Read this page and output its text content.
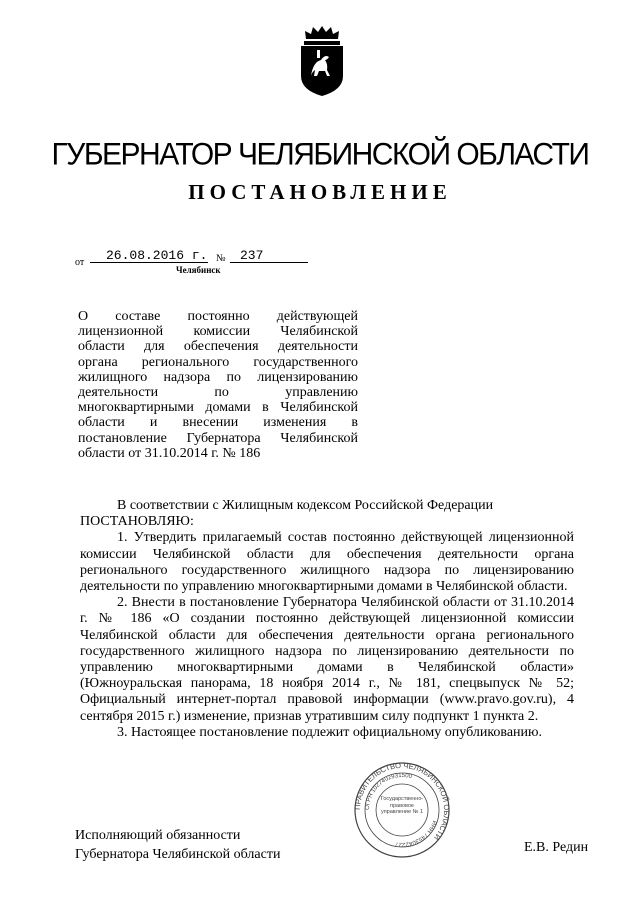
ГУБЕРНАТОР ЧЕЛЯБИНСКОЙ ОБЛАСТИ
ПОСТАНОВЛЕНИЕ
от 26.08.2016 г. № 237
Челябинск
О составе постоянно действующей
лицензионной комиссии Челябинской
области для обеспечения деятельности
органа регионального государственного
жилищного надзора по лицензированию
деятельности по управлению
многоквартирными домами в Челябинской
области и внесении изменения в
постановление Губернатора Челябинской
области от 31.10.2014 г. № 186

В соответствии с Жилищным кодексом Российской Федерации

ПОСТАНОВЛЯЮ:

1. Утвердить прилагаемый состав постоянно действующей лицензионной комиссии Челябинской области для обеспечения деятельности органа регионального государственного жилищного надзора по лицензированию деятельности по управлению многоквартирными домами в Челябинской области.

2. Внести в постановление Губернатора Челябинской области от 31.10.2014 г. № 186 «О создании постоянно действующей лицензионной комиссии Челябинской области для обеспечения деятельности органа регионального государственного жилищного надзора по лицензированию деятельности по управлению многоквартирными домами в Челябинской области» (Южноуральская панорама, 18 ноября 2014 г., № 181, спецвыпуск № 52; Официальный интернет-портал правовой информации (www.pravo.gov.ru), 4 сентября 2015 г.) изменение, признав утратившим силу подпункт 1 пункта 2.

3. Настоящее постановление подлежит официальному опубликованию.

ПРАВИТЕЛЬСТВО ЧЕЛЯБИНСКОЙ ОБЛАСТИ
ОГРН 1027402931500
ИНН 7453042227
Государственно-правовое управление № 1
Исполняющий обязанности
Губернатора Челябинской области	Е.В. Редин
